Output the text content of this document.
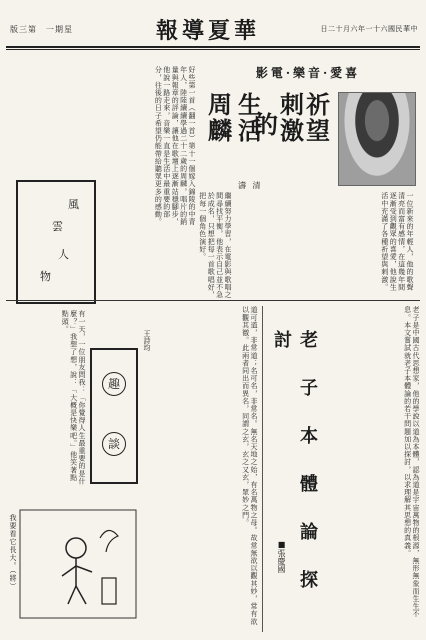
版三第　一期星	報導夏華	日二十月六年一十六國民華中
影電·樂音·愛喜
祈
望
刺
激
的
生
活
周
麟
濤 清
好些第一首（翻一首）第十一個嫁入錦陵的中青年人，陸陸續續學過二十二歲的周麟，唱片的銷量與報章的評論，讓他在歌壇上逐漸站穩腳步，他說一路走來，音樂一直是生活中最重要的部分，往後的日子希望仍能帶給聽眾更多的感動。
繼續努力學習，在電影與歌唱之間尋找平衡，他表示自己並不急於成名，只想把每一首歌唱好，把每一個角色演好。	一位新來的年輕人，他的歌聲清亮而富有感情，在這幾年間逐漸受到觀眾的喜愛，他說生活中充滿了各種祈望與刺激。
風
雲
人
物
老子本體論探討
■張慶國	老子是中國古代思想家，他的學說以道為本體，認為道是宇宙萬物的根源，無形無象而生生不息。本文嘗試就老子本體論的若干問題加以探討，以求理解其思想的真義。
道可道，非常道；名可名，非常名。無名天地之始，有名萬物之母。故常無欲以觀其妙，常有欲以觀其徼。此兩者同出而異名，同謂之玄，玄之又玄，眾妙之門。
趣
談
王詩均
有一天，一位朋友問我：「你覺得人生最重要的是什麼？」我想了想，說：「大概是快樂吧。」他笑著點點頭。
我要看它長大。（將）
